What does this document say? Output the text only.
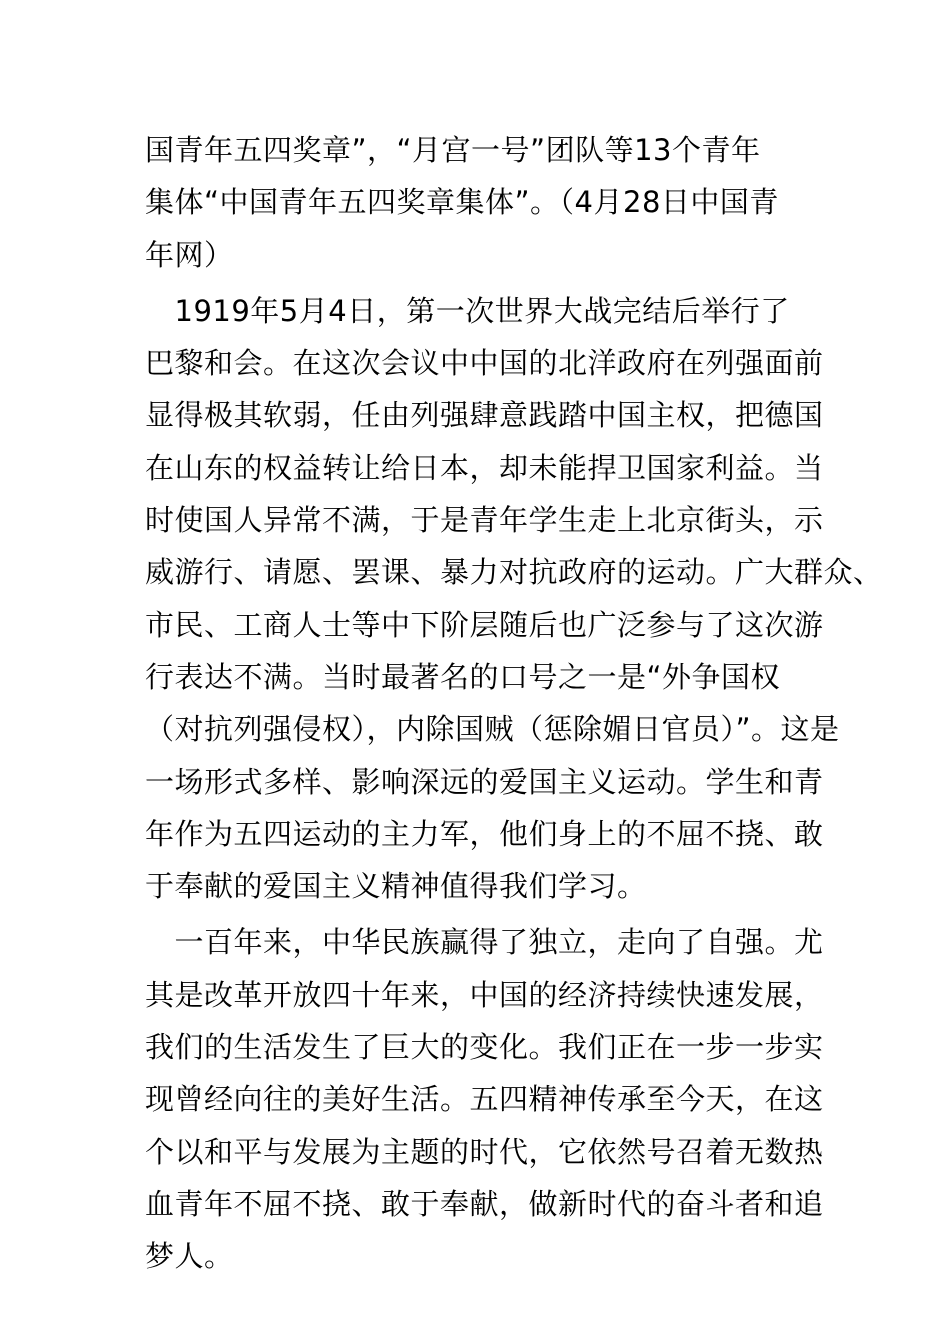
国青年五四奖章”，“月宫一号”团队等13个青年
集体“中国青年五四奖章集体”。（4月28日中国青
年网）
　1919年5月4日，第一次世界大战完结后举行了
巴黎和会。在这次会议中中国的北洋政府在列强面前
显得极其软弱，任由列强肆意践踏中国主权，把德国
在山东的权益转让给日本，却未能捍卫国家利益。当
时使国人异常不满，于是青年学生走上北京街头，示
威游行、请愿、罢课、暴力对抗政府的运动。广大群众、
市民、工商人士等中下阶层随后也广泛参与了这次游
行表达不满。当时最著名的口号之一是“外争国权
（对抗列强侵权），内除国贼（惩除媚日官员）”。这是
一场形式多样、影响深远的爱国主义运动。学生和青
年作为五四运动的主力军，他们身上的不屈不挠、敢
于奉献的爱国主义精神值得我们学习。
　一百年来，中华民族赢得了独立，走向了自强。尤
其是改革开放四十年来，中国的经济持续快速发展，
我们的生活发生了巨大的变化。我们正在一步一步实
现曾经向往的美好生活。五四精神传承至今天，在这
个以和平与发展为主题的时代，它依然号召着无数热
血青年不屈不挠、敢于奉献，做新时代的奋斗者和追
梦人。
